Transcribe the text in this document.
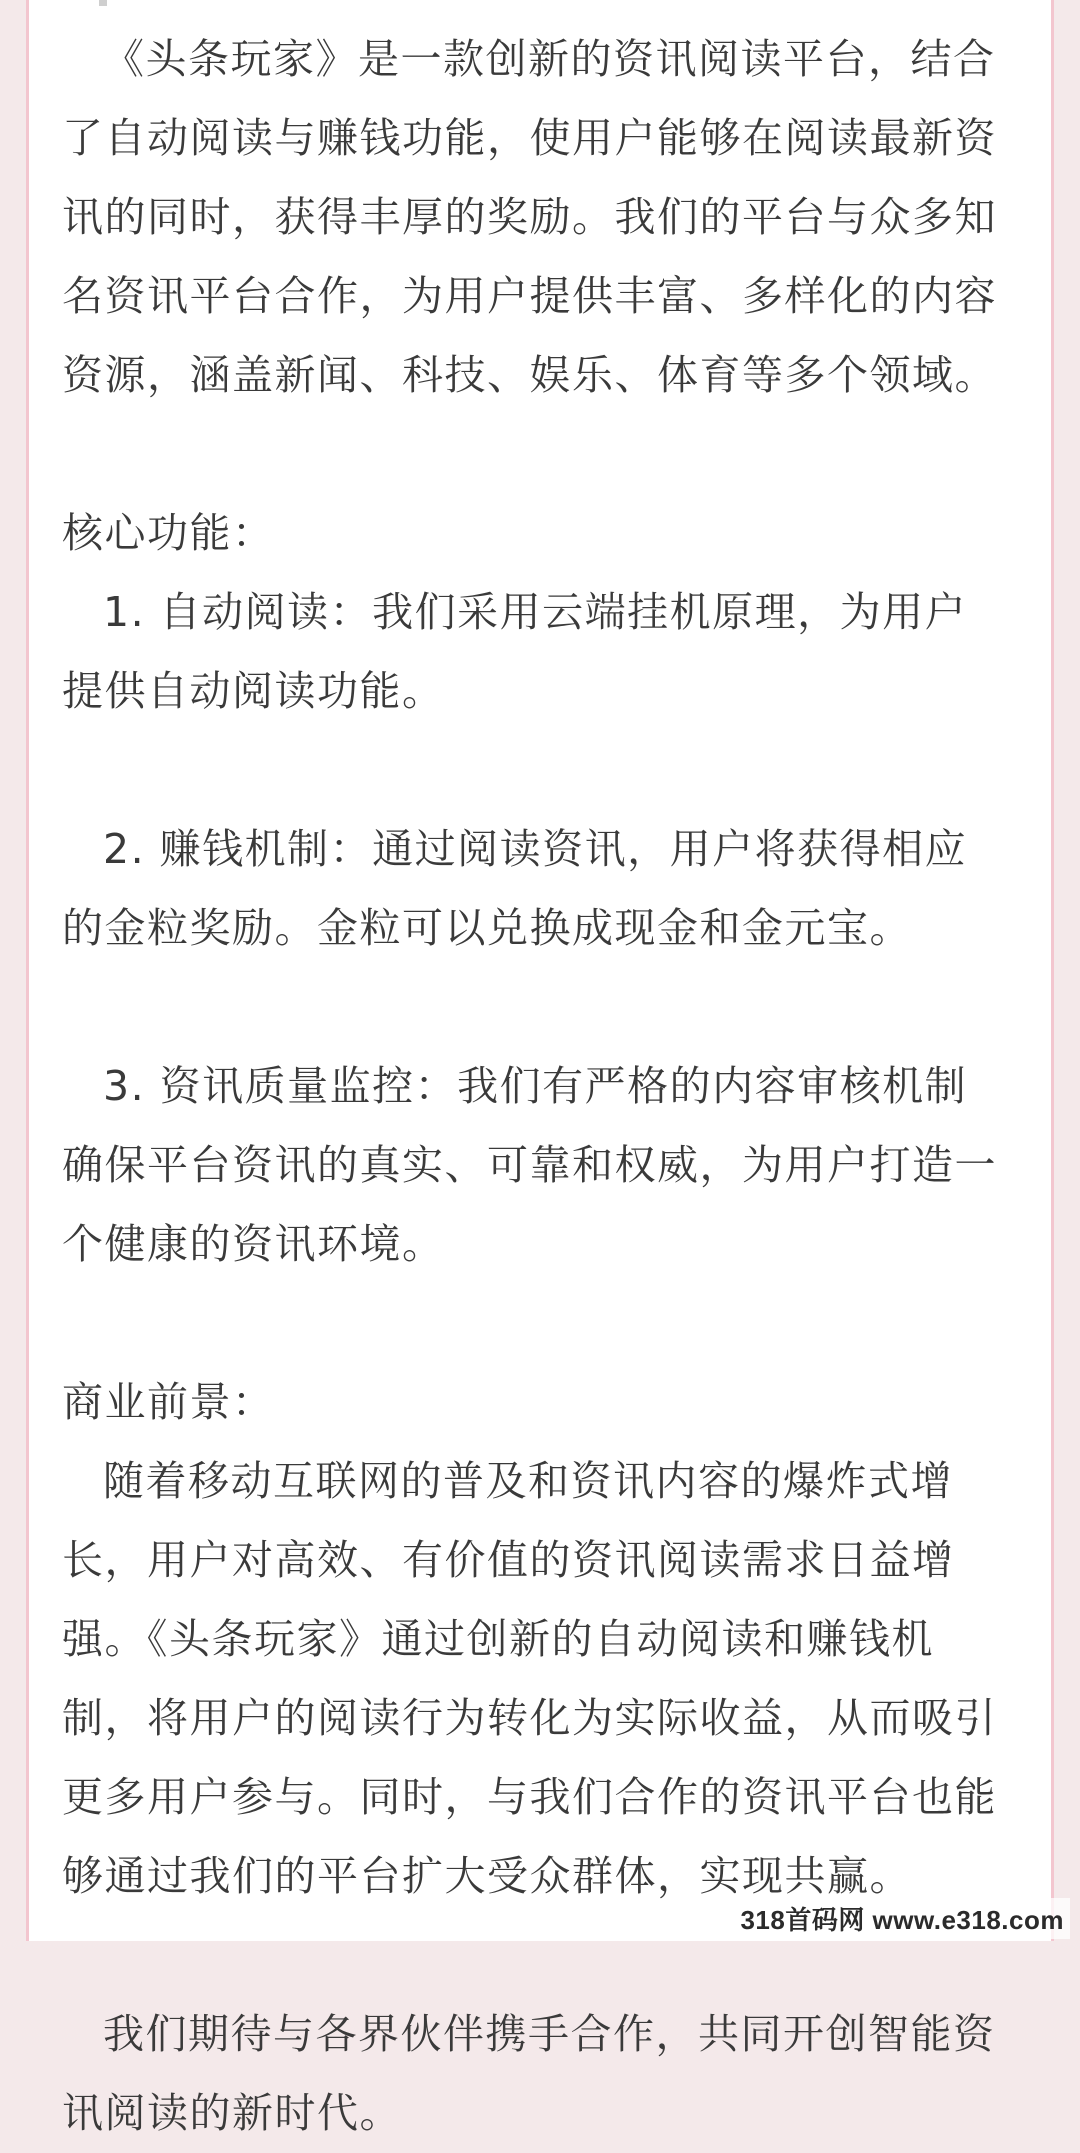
《头条玩家》是一款创新的资讯阅读平台，结合了自动阅读与赚钱功能，使用户能够在阅读最新资讯的同时，获得丰厚的奖励。我们的平台与众多知名资讯平台合作，为用户提供丰富、多样化的内容资源，涵盖新闻、科技、娱乐、体育等多个领域。

核心功能：

1. 自动阅读：我们采用云端挂机原理，为用户提供自动阅读功能。

2. 赚钱机制：通过阅读资讯，用户将获得相应的金粒奖励。金粒可以兑换成现金和金元宝。

3. 资讯质量监控：我们有严格的内容审核机制确保平台资讯的真实、可靠和权威，为用户打造一个健康的资讯环境。

商业前景：

随着移动互联网的普及和资讯内容的爆炸式增长，用户对高效、有价值的资讯阅读需求日益增强。《头条玩家》通过创新的自动阅读和赚钱机制，将用户的阅读行为转化为实际收益，从而吸引更多用户参与。同时，与我们合作的资讯平台也能够通过我们的平台扩大受众群体，实现共赢。

我们期待与各界伙伴携手合作，共同开创智能资讯阅读的新时代。	318首码网 www.e318.com
